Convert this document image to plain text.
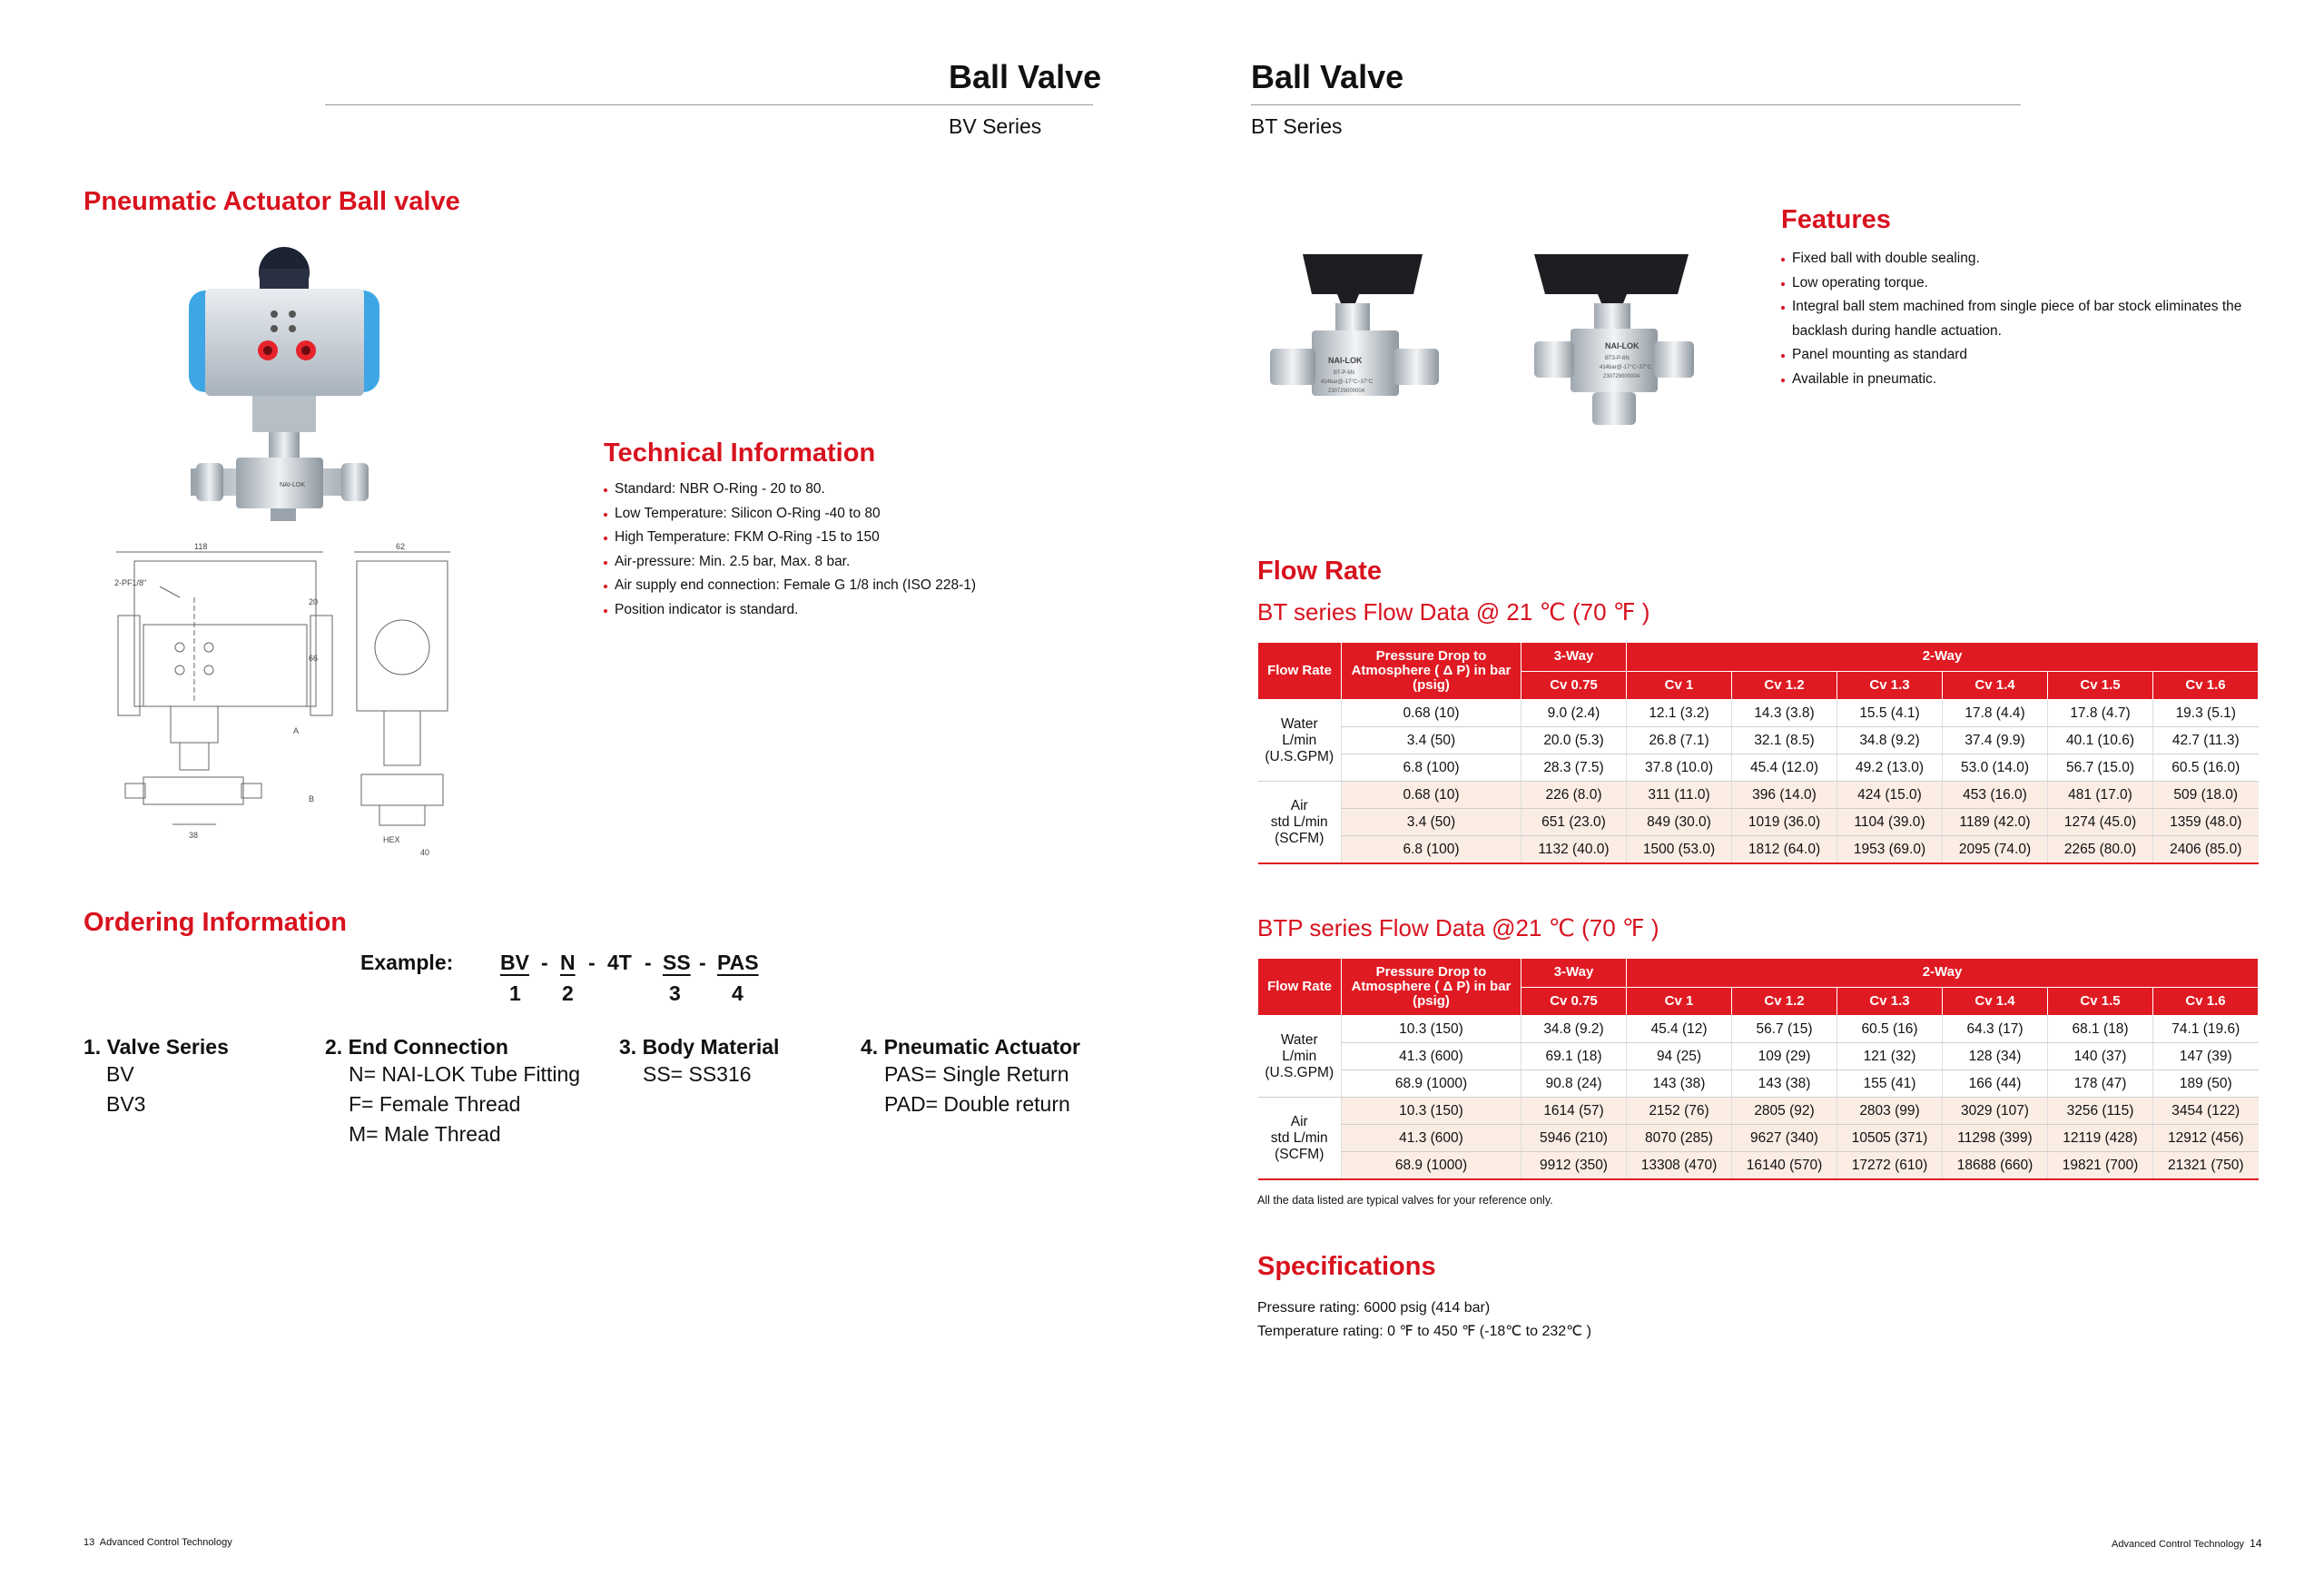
Ball Valve
BV Series
Pneumatic Actuator Ball valve
NAI-LOK
118
2-PF1/8"
20
66
A
B
38
62
HEX
40
Technical Information
Standard: NBR O-Ring - 20 to 80.
Low Temperature: Silicon O-Ring -40 to 80
High Temperature: FKM O-Ring -15 to 150
Air-pressure: Min. 2.5 bar, Max. 8 bar.
Air supply end connection: Female G 1/8 inch (ISO 228-1)
Position indicator is standard.
Ordering Information
Example: BV - N - 4T - SS - PAS
1 2	3 4
1. Valve Series
BV
BV3
2. End Connection
N= NAI-LOK Tube Fitting
F= Female Thread
M= Male Thread
3. Body Material
SS= SS316
4. Pneumatic Actuator
PAS= Single Return
PAD= Double return
13 Advanced Control Technology
Ball Valve
BT Series
NAI-LOK
BT-P-6N
414bar@-17°C~37°C
230729000004
NAI-LOK
BT3-P-6N
414bar@-17°C~37°C
230729000004
Features
Fixed ball with double sealing.
Low operating torque.
Integral ball stem machined from single piece of bar stock eliminates the backlash during handle actuation.
Panel mounting as standard
Available in pneumatic.
Flow Rate
BT series Flow Data @ 21 ℃ (70 ℉ )
Flow Rate	Pressure Drop to Atmosphere ( Δ P) in bar (psig)	3-Way	2-Way					
		Cv 0.75	Cv 1	Cv 1.2	Cv 1.3	Cv 1.4	Cv 1.5	Cv 1.6

Water
L/min
(U.S.GPM)	0.68 (10)	9.0 (2.4)	12.1 (3.2)	14.3 (3.8)	15.5 (4.1)	17.8 (4.4)	17.8 (4.7)	19.3 (5.1)
	3.4 (50)	20.0 (5.3)	26.8 (7.1)	32.1 (8.5)	34.8 (9.2)	37.4 (9.9)	40.1 (10.6)	42.7 (11.3)
	6.8 (100)	28.3 (7.5)	37.8 (10.0)	45.4 (12.0)	49.2 (13.0)	53.0 (14.0)	56.7 (15.0)	60.5 (16.0)

Air
std L/min
(SCFM)	0.68 (10)	226 (8.0)	311 (11.0)	396 (14.0)	424 (15.0)	453 (16.0)	481 (17.0)	509 (18.0)
	3.4 (50)	651 (23.0)	849 (30.0)	1019 (36.0)	1104 (39.0)	1189 (42.0)	1274 (45.0)	1359 (48.0)
	6.8 (100)	1132 (40.0)	1500 (53.0)	1812 (64.0)	1953 (69.0)	2095 (74.0)	2265 (80.0)	2406 (85.0)
BTP series Flow Data @21 ℃ (70 ℉ )
Flow Rate	Pressure Drop to Atmosphere ( Δ P) in bar (psig)	3-Way	2-Way					
		Cv 0.75	Cv 1	Cv 1.2	Cv 1.3	Cv 1.4	Cv 1.5	Cv 1.6

Water
L/min
(U.S.GPM)	10.3 (150)	34.8 (9.2)	45.4 (12)	56.7 (15)	60.5 (16)	64.3 (17)	68.1 (18)	74.1 (19.6)
	41.3 (600)	69.1 (18)	94 (25)	109 (29)	121 (32)	128 (34)	140 (37)	147 (39)
	68.9 (1000)	90.8 (24)	143 (38)	143 (38)	155 (41)	166 (44)	178 (47)	189 (50)

Air
std L/min
(SCFM)	10.3 (150)	1614 (57)	2152 (76)	2805 (92)	2803 (99)	3029 (107)	3256 (115)	3454 (122)
	41.3 (600)	5946 (210)	8070 (285)	9627 (340)	10505 (371)	11298 (399)	12119 (428)	12912 (456)
	68.9 (1000)	9912 (350)	13308 (470)	16140 (570)	17272 (610)	18688 (660)	19821 (700)	21321 (750)
All the data listed are typical valves for your reference only.
Specifications
Pressure rating: 6000 psig (414 bar)
Temperature rating: 0 ℉ to 450 ℉ (-18℃ to 232℃ )
Advanced Control Technology 14
